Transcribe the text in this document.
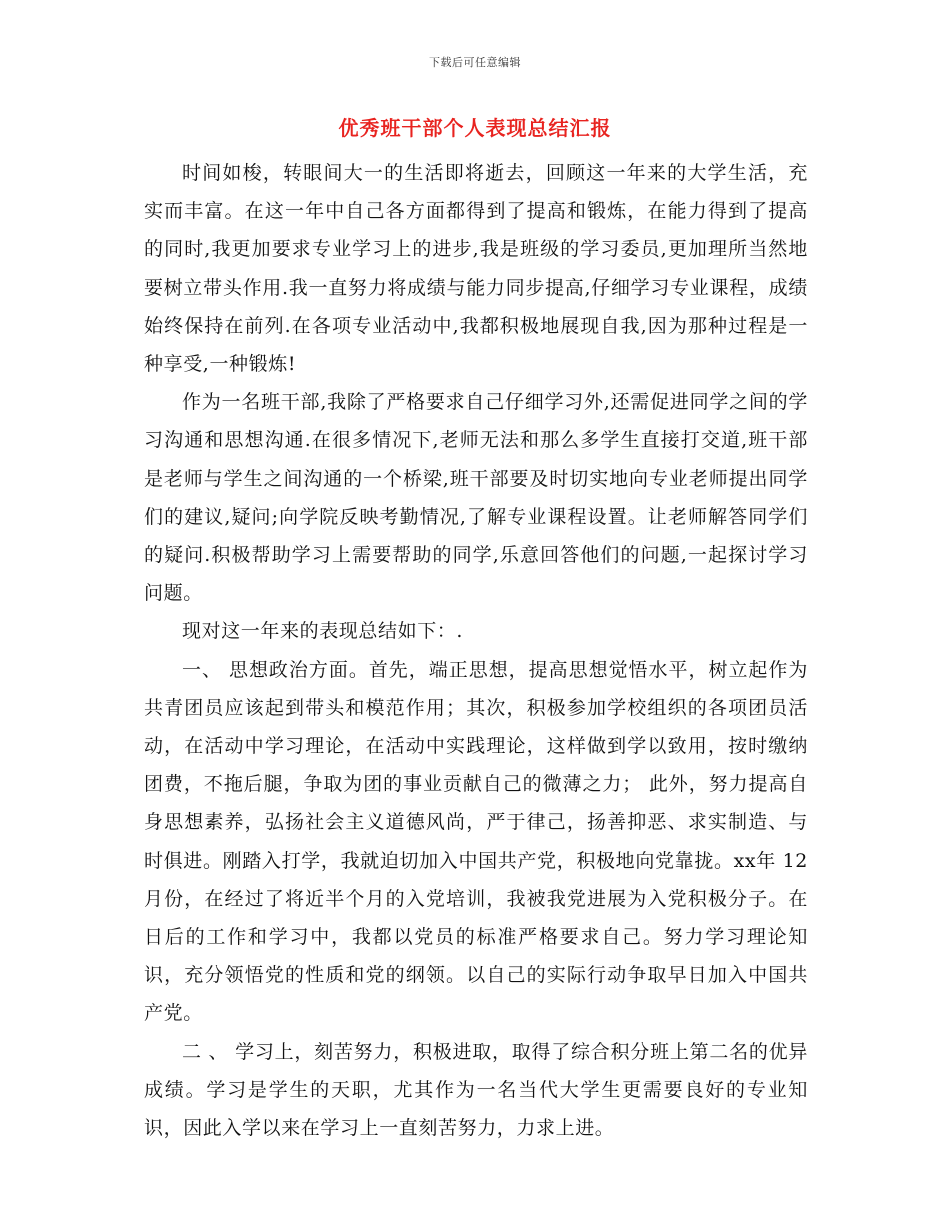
下载后可任意编辑
优秀班干部个人表现总结汇报

时间如梭，转眼间大一的生活即将逝去，回顾这一年来的大学生活，充实而丰富。在这一年中自己各方面都得到了提高和锻炼，在能力得到了提高的同时,我更加要求专业学习上的进步,我是班级的学习委员,更加理所当然地要树立带头作用.我一直努力将成绩与能力同步提高,仔细学习专业课程，成绩始终保持在前列.在各项专业活动中,我都积极地展现自我,因为那种过程是一种享受,一种锻炼!

作为一名班干部,我除了严格要求自己仔细学习外,还需促进同学之间的学习沟通和思想沟通.在很多情况下,老师无法和那么多学生直接打交道,班干部是老师与学生之间沟通的一个桥梁,班干部要及时切实地向专业老师提出同学们的建议,疑问;向学院反映考勤情况,了解专业课程设置。让老师解答同学们的疑问.积极帮助学习上需要帮助的同学,乐意回答他们的问题,一起探讨学习问题。

现对这一年来的表现总结如下：.

一、 思想政治方面。首先，端正思想，提高思想觉悟水平，树立起作为共青团员应该起到带头和模范作用；其次，积极参加学校组织的各项团员活动，在活动中学习理论，在活动中实践理论，这样做到学以致用，按时缴纳团费，不拖后腿，争取为团的事业贡献自己的微薄之力； 此外，努力提高自身思想素养，弘扬社会主义道德风尚，严于律己，扬善抑恶、求实制造、与时俱进。刚踏入打学，我就迫切加入中国共产党，积极地向党靠拢。xx年 12月份，在经过了将近半个月的入党培训，我被我党进展为入党积极分子。在日后的工作和学习中，我都以党员的标准严格要求自己。努力学习理论知识，充分领悟党的性质和党的纲领。以自己的实际行动争取早日加入中国共产党。

二 、 学习上，刻苦努力，积极进取，取得了综合积分班上第二名的优异成绩。学习是学生的天职，尤其作为一名当代大学生更需要良好的专业知识，因此入学以来在学习上一直刻苦努力，力求上进。
